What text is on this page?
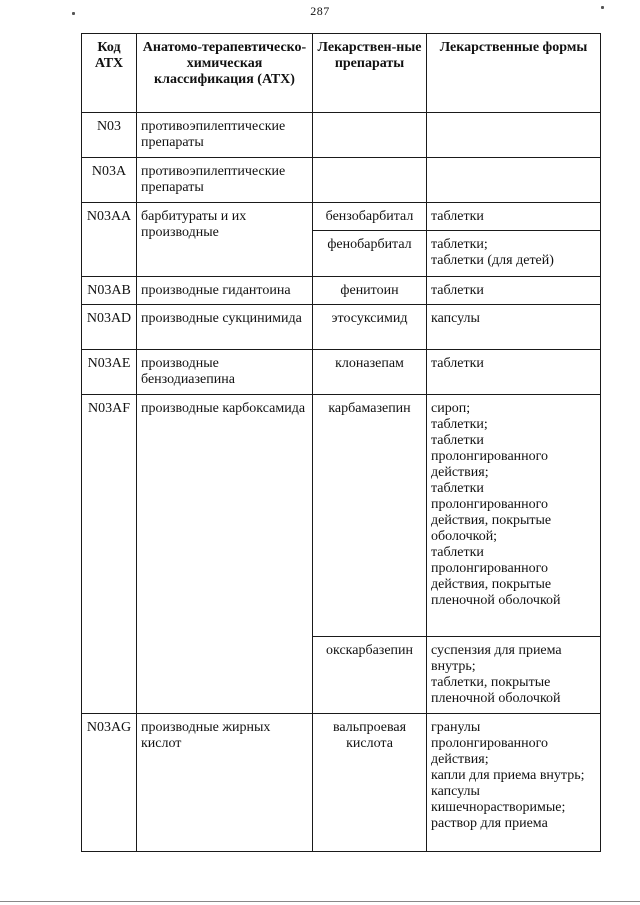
287
Код АТХ	Анатомо-терапевтическо-химическая классификация (АТХ)	Лекарствен-ные препараты	Лекарственные формы
N03	противоэпилептические препараты		
N03A	противоэпилептические препараты		
N03AA	барбитураты и их производные	бензобарбитал	таблетки
		фенобарбитал	таблетки;
таблетки (для детей)
N03AB	производные гидантоина	фенитоин	таблетки
N03AD	производные сукцинимида	этосуксимид	капсулы
N03AE	производные бензодиазепина	клоназепам	таблетки
N03AF	производные карбоксамида	карбамазепин	сироп;
таблетки;
таблетки пролонгированного действия;
таблетки пролонгированного действия, покрытые оболочкой;
таблетки пролонгированного действия, покрытые пленочной оболочкой
		окскарбазепин	суспензия для приема внутрь;
таблетки, покрытые пленочной оболочкой
N03AG	производные жирных кислот	вальпроевая кислота	гранулы пролонгированного действия;
капли для приема внутрь;
капсулы кишечнорастворимые;
раствор для приема
